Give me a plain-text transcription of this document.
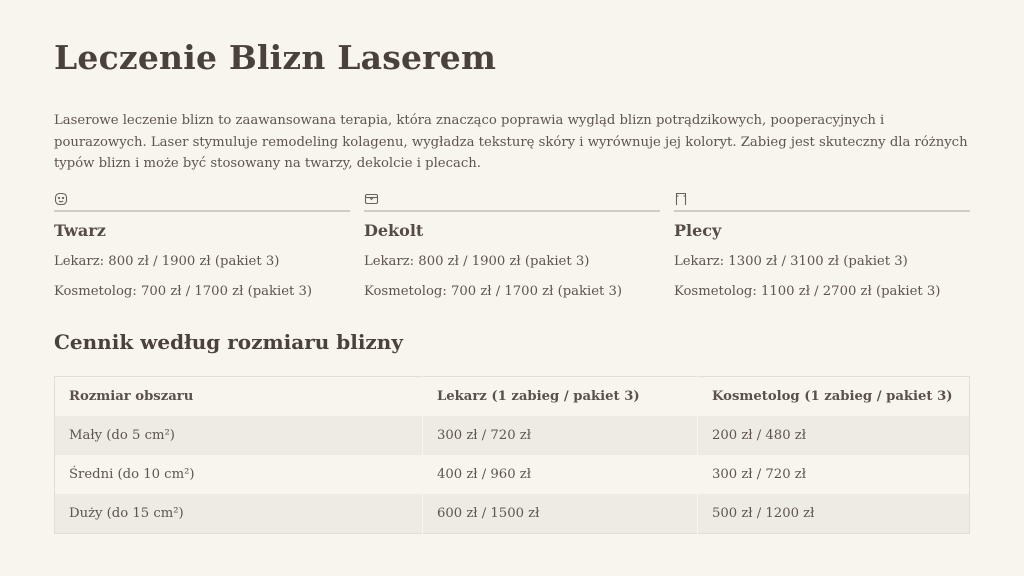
Leczenie Blizn Laserem

Laserowe leczenie blizn to zaawansowana terapia, która znacząco poprawia wygląd blizn potrądzikowych, pooperacyjnych i pourazowych. Laser stymuluje remodeling kolagenu, wygładza teksturę skóry i wyrównuje jej koloryt. Zabieg jest skuteczny dla różnych typów blizn i może być stosowany na twarzy, dekolcie i plecach.

Twarz
Lekarz: 800 zł / 1900 zł (pakiet 3)
Kosmetolog: 700 zł / 1700 zł (pakiet 3)
Dekolt
Lekarz: 800 zł / 1900 zł (pakiet 3)
Kosmetolog: 700 zł / 1700 zł (pakiet 3)
Plecy
Lekarz: 1300 zł / 3100 zł (pakiet 3)
Kosmetolog: 1100 zł / 2700 zł (pakiet 3)
Cennik według rozmiaru blizny
Rozmiar obszaru	Lekarz (1 zabieg / pakiet 3)	Kosmetolog (1 zabieg / pakiet 3)
Mały (do 5 cm²)	300 zł / 720 zł	200 zł / 480 zł
Średni (do 10 cm²)	400 zł / 960 zł	300 zł / 720 zł
Duży (do 15 cm²)	600 zł / 1500 zł	500 zł / 1200 zł
